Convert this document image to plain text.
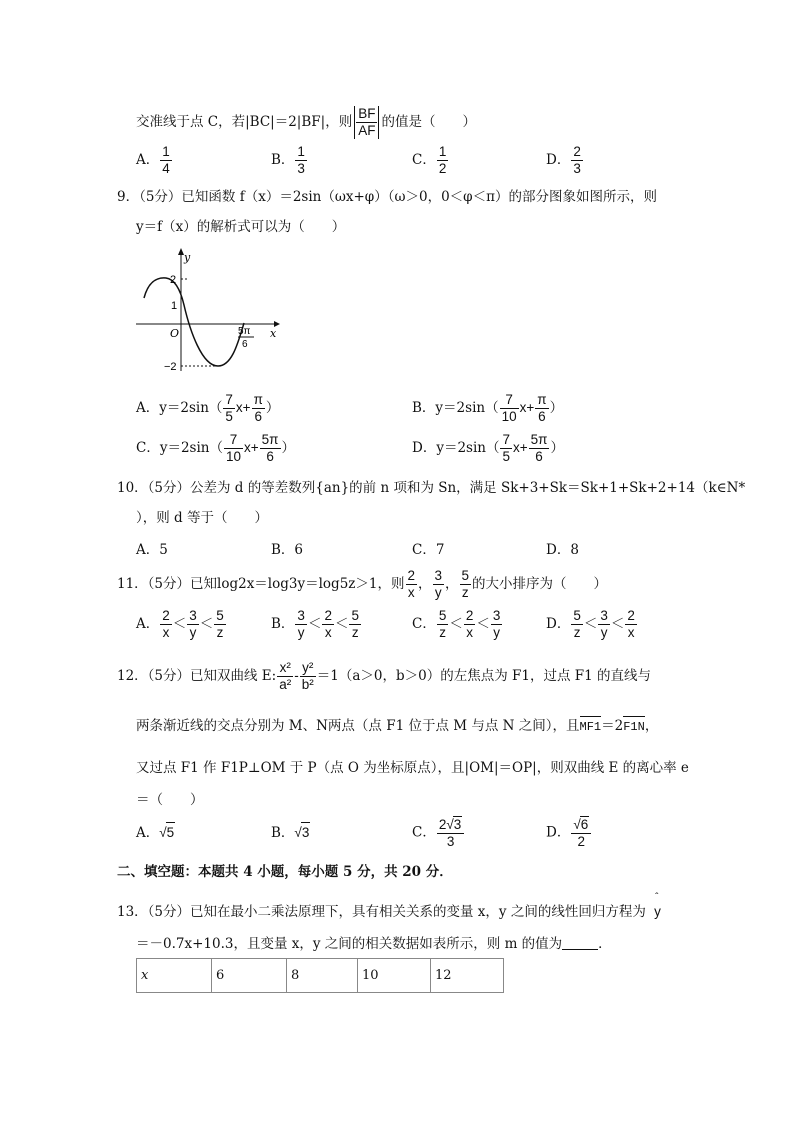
交准线于点 C，若|BC|＝2|BF|，则 $\frac{BF}{AF}$ 的值是（　　）
A． $\frac{1}{4}$	B． $\frac{1}{3}$	C． $\frac{1}{2}$	D． $\frac{2}{3}$
9．（5分）已知函数 f（x）＝2sin（ωx+φ）（ω＞0，0＜φ＜π）的部分图象如图所示，则
y＝f（x）的解析式可以为（　　）
y
x
2
1
O
−2
5π
6
A．$y=2\sin( \frac{7}{5} x+ \frac{\pi}{6}$ ）	B．$y=2\sin( \frac{7}{10} x+ \frac{\pi}{6}$ ）
C．$y=2\sin( \frac{7}{10} x+ \frac{5\pi}{6}$ ）	D．$y=2\sin( \frac{7}{5} x+ \frac{5\pi}{6}$ ）
10．（5分）公差为 d 的等差数列{an}的前 n 项和为 Sn，满足 Sk+3+Sk＝Sk+1+Sk+2+14（k∈N*
），则 d 等于（　　）
A．5	B．6	C．7	D．8
11．（5分）已知log2x＝log3y＝log5z＞1，则 $\frac{2}{x}$ ， $\frac{3}{y}$ ， $\frac{5}{z}$ 的大小排序为（　　）
A． $\frac{2}{x} < \frac{3}{y} < \frac{5}{z}$	B． $\frac{3}{y} < \frac{2}{x} < \frac{5}{z}$	C． $\frac{5}{z} < \frac{2}{x} < \frac{3}{y}$	D． $\frac{5}{z} < \frac{3}{y} < \frac{2}{x}$
12．（5分）已知双曲线 E: $\frac{\text{x²}}{\text{a²}} - \frac{\text{y²}}{\text{b²}} =1(a>0$，b＞0）的左焦点为 F1，过点 F1 的直线与
两条渐近线的交点分别为 M、N两点（点 F1 位于点 M 与点 N 之间），且MF1＝2F1N，
又过点 F1 作 F1P⊥OM 于 P（点 O 为坐标原点），且|OM|＝OP|，则双曲线 E 的离心率 e
＝（　　）
A．√5	B．√3	C． $\frac{2√3}{3}$	D． $\frac{√6}{2}$
二、填空题：本题共 4 小题，每小题 5 分，共 20 分．
13．（5分）已知在最小二乘法原理下，具有相关关系的变量 x，y 之间的线性回归方程为
ˆ
y
＝－0.7x+10.3，且变量 x，y 之间的相关数据如表所示，则 m 的值为	．
x	6	8	10	12
